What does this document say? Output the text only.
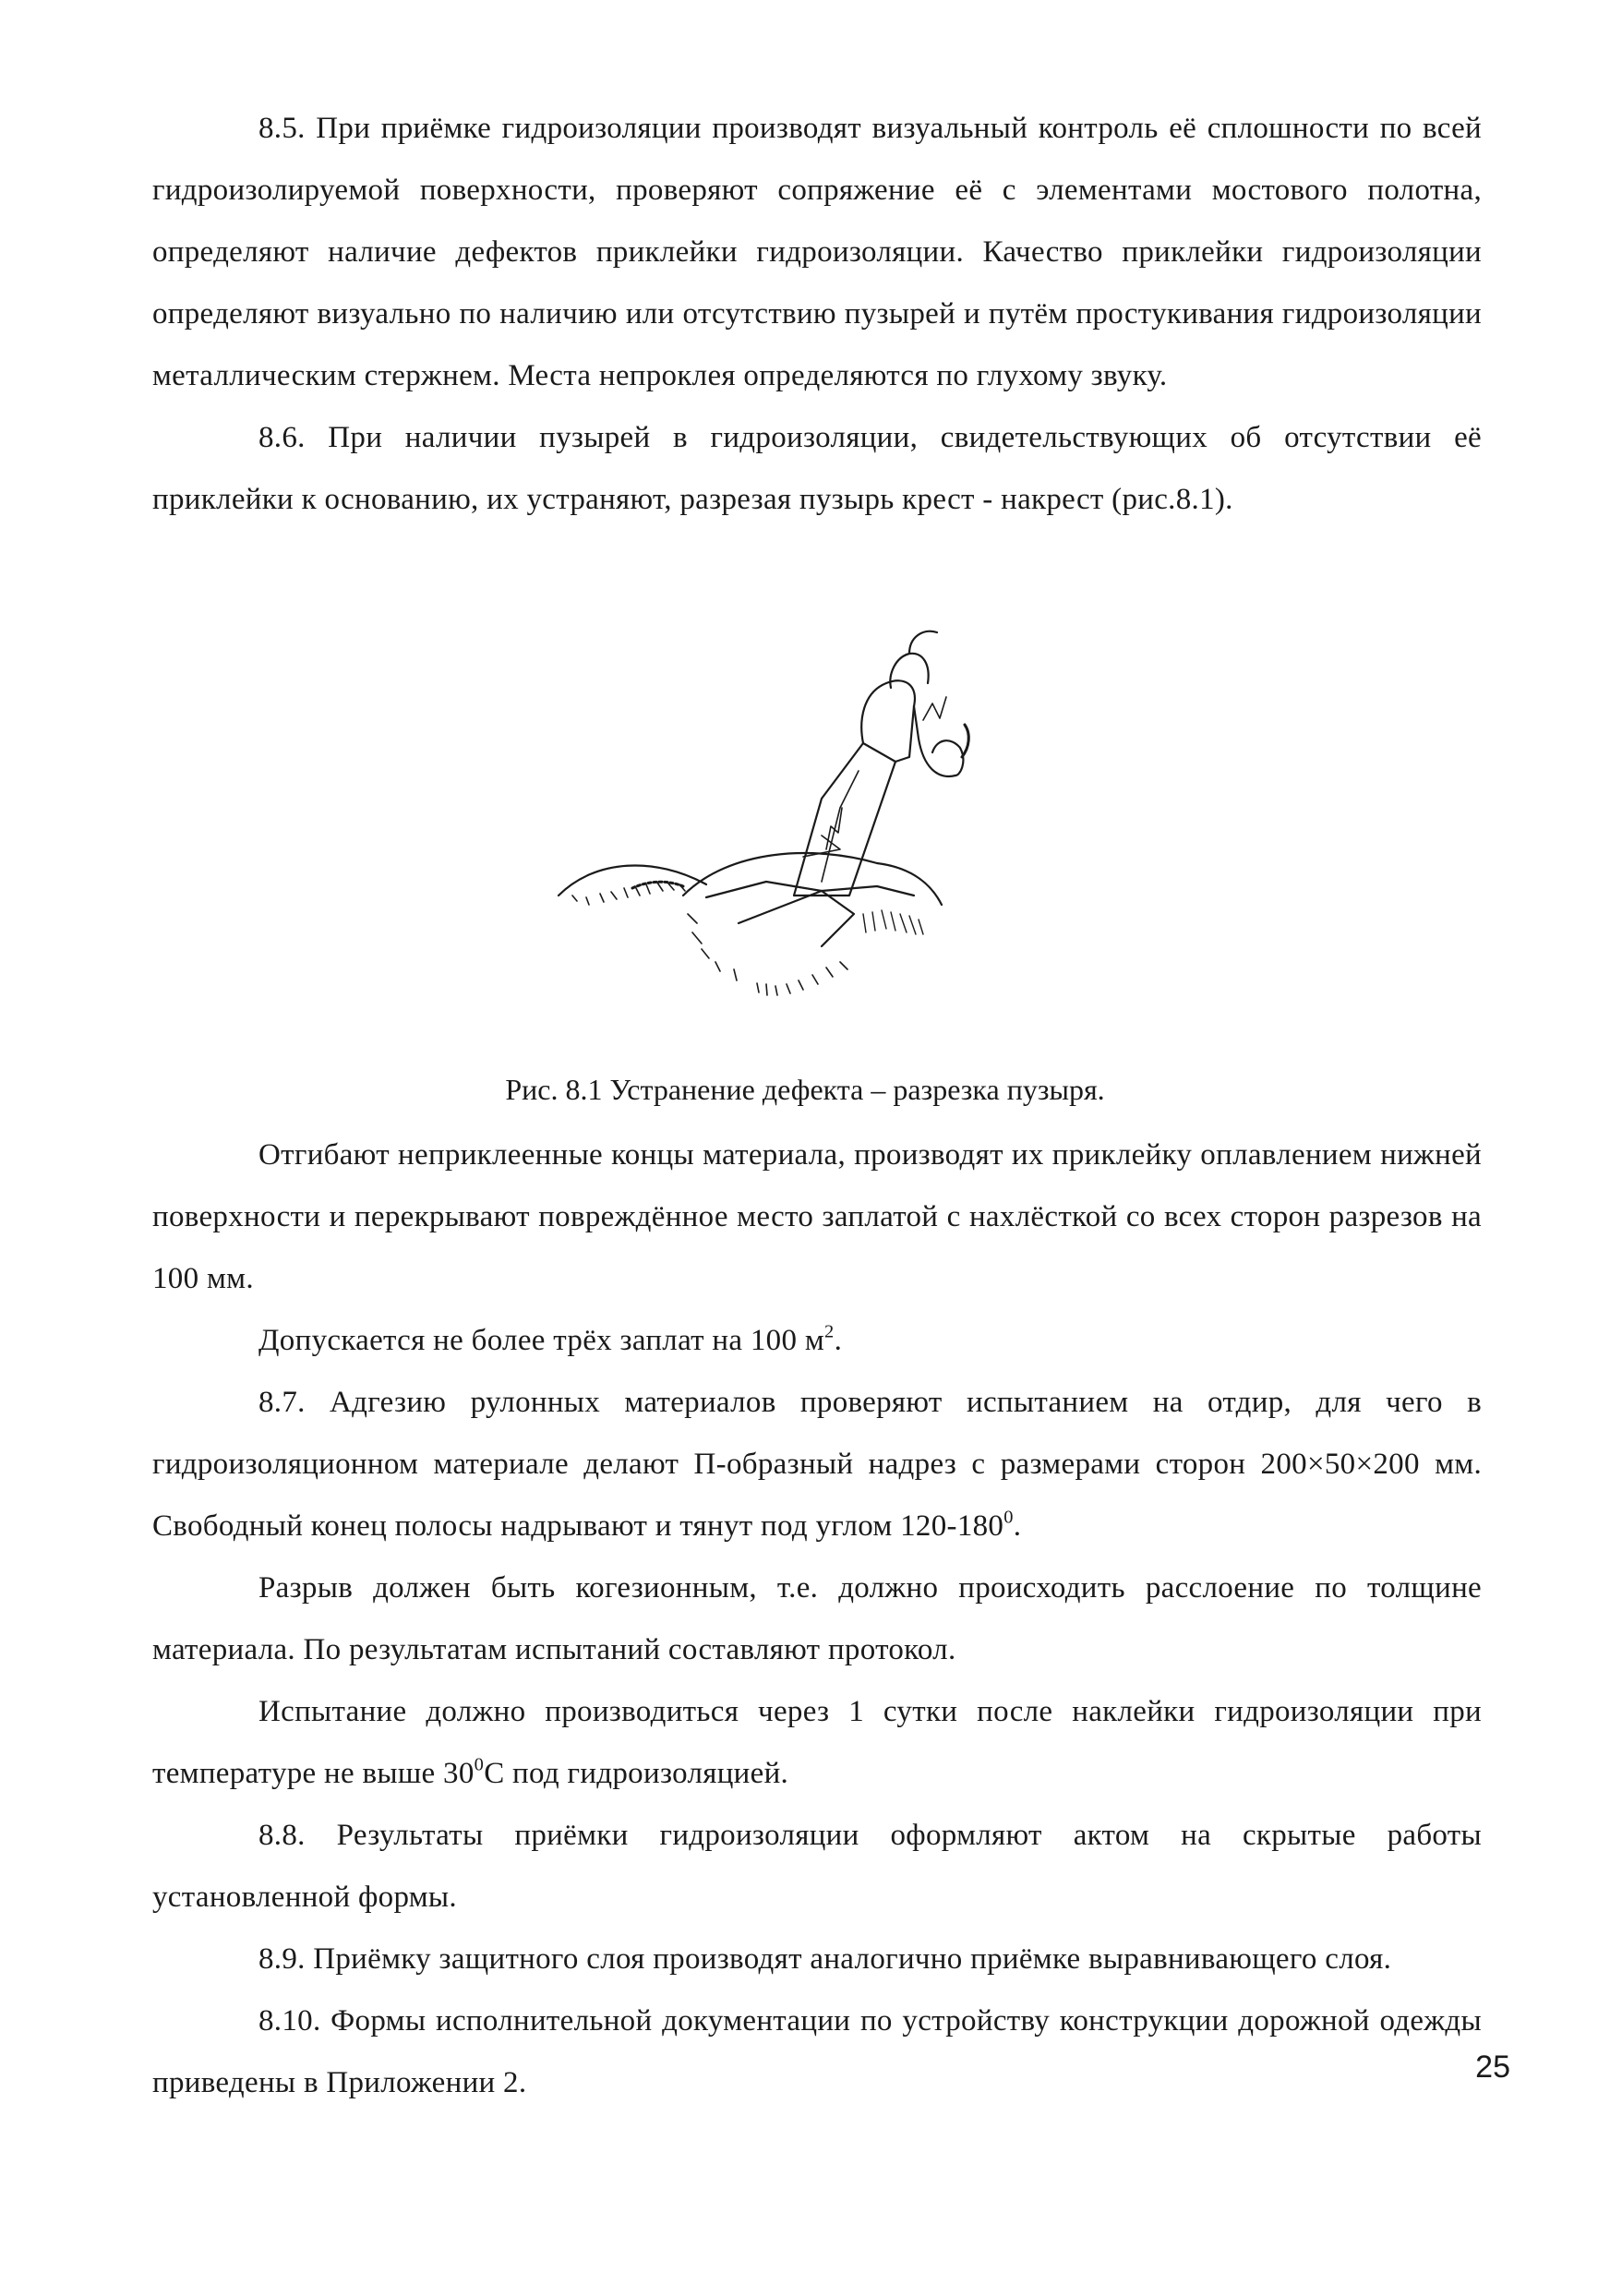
8.5. При приёмке гидроизоляции производят визуальный контроль её сплошности по всей гидроизолируемой поверхности, проверяют сопряжение её с элементами мостового полотна, определяют наличие дефектов приклейки гидроизоляции. Качество приклейки гидроизоляции определяют визуально по наличию или отсутствию пузырей и путём простукивания гидроизоляции металлическим стержнем. Места непроклея определяются по глухому звуку.

8.6. При наличии пузырей в гидроизоляции, свидетельствующих об отсутствии её приклейки к основанию, их устраняют, разрезая пузырь крест - накрест (рис.8.1).

Рис. 8.1 Устранение дефекта – разрезка пузыря.

Отгибают неприклеенные концы материала, производят их приклейку оплавлением нижней поверхности и перекрывают повреждённое место заплатой с нахлёсткой со всех сторон разрезов на 100 мм.

Допускается не более трёх заплат на 100 $м^2$.

8.7. Адгезию рулонных материалов проверяют испытанием на отдир, для чего в гидроизоляционном материале делают П-образный надрез с размерами сторон 200×50×200 мм. Свободный конец полосы надрывают и тянут под углом $120-180^0$.

Разрыв должен быть когезионным, т.е. должно происходить расслоение по толщине материала. По результатам испытаний составляют протокол.

Испытание должно производиться через 1 сутки после наклейки гидроизоляции при температуре не выше $30^0С$ под гидроизоляцией.

8.8. Результаты приёмки гидроизоляции оформляют актом на скрытые работы установленной формы.

8.9. Приёмку защитного слоя производят аналогично приёмке выравнивающего слоя.

8.10. Формы исполнительной документации по устройству конструкции дорожной одежды приведены в Приложении 2.	25
